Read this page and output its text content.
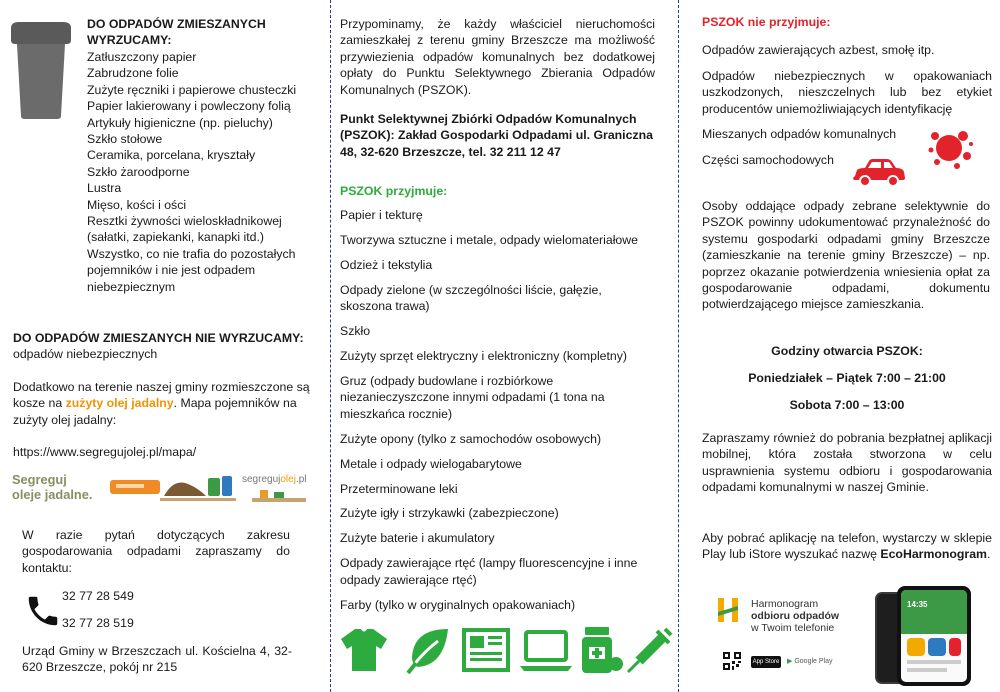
DO ODPADÓW ZMIESZANYCH WYRZUCAMY:
Zatłuszczony papier
Zabrudzone folie
Zużyte ręczniki i papierowe chusteczki
Papier lakierowany i powleczony folią
Artykuły higieniczne (np. pieluchy)
Szkło stołowe
Ceramika, porcelana, kryształy
Szkło żaroodporne
Lustra
Mięso, kości i ości
Resztki żywności wieloskładnikowej (sałatki, zapiekanki, kanapki itd.)
Wszystko, co nie trafia do pozostałych pojemników i nie jest odpadem niebezpiecznym
DO ODPADÓW ZMIESZANYCH NIE WYRZUCAMY:
odpadów niebezpiecznych

Dodatkowo na terenie naszej gminy rozmieszczone są kosze na zużyty olej jadalny. Mapa pojemników na zużyty olej jadalny:

https://www.segregujolej.pl/mapa/
Segreguj
oleje jadalne.
segregujolej.pl

W razie pytań dotyczących zakresu gospodarowania odpadami zapraszamy do kontaktu:

32 77 28 549
32 77 28 519

Urząd Gminy w Brzeszczach ul. Kościelna 4, 32-620 Brzeszcze, pokój nr 215

Przypominamy, że każdy właściciel nieruchomości zamieszkałej z terenu gminy Brzeszcze ma możliwość przywiezienia odpadów komunalnych bez dodatkowej opłaty do Punktu Selektywnego Zbierania Odpadów Komunalnych (PSZOK).

Punkt Selektywnej Zbiórki Odpadów Komunalnych (PSZOK): Zakład Gospodarki Odpadami ul. Graniczna 48, 32-620 Brzeszcze, tel. 32 211 12 47

PSZOK przyjmuje:
Papier i tekturę
Tworzywa sztuczne i metale, odpady wielomateriałowe
Odzież i tekstylia
Odpady zielone (w szczególności liście, gałęzie, skoszona trawa)
Szkło
Zużyty sprzęt elektryczny i elektroniczny (kompletny)
Gruz (odpady budowlane i rozbiórkowe niezanieczyszczone innymi odpadami (1 tona na mieszkańca rocznie)
Zużyte opony (tylko z samochodów osobowych)
Metale i odpady wielogabarytowe
Przeterminowane leki
Zużyte igły i strzykawki (zabezpieczone)
Zużyte baterie i akumulatory
Odpady zawierające rtęć (lampy fluorescencyjne i inne odpady zawierające rtęć)
Farby (tylko w oryginalnych opakowaniach)
PSZOK nie przyjmuje:
Odpadów zawierających azbest, smołę itp.

Odpadów niebezpiecznych w opakowaniach uszkodzonych, nieszczelnych lub bez etykiet producentów uniemożliwiających identyfikację

Mieszanych odpadów komunalnych
Części samochodowych

Osoby oddające odpady zebrane selektywnie do PSZOK powinny udokumentować przynależność do systemu gospodarki odpadami gminy Brzeszcze (zamieszkanie na terenie gminy Brzeszcze) – np. poprzez okazanie potwierdzenia wniesienia opłat za gospodarowanie odpadami, dokumentu potwierdzającego miejsce zamieszkania.

Godziny otwarcia PSZOK:
Poniedziałek – Piątek 7:00 – 21:00
Sobota 7:00 – 13:00

Zapraszamy również do pobrania bezpłatnej aplikacji mobilnej, która została stworzona w celu usprawnienia systemu odbioru i gospodarowania odpadami komunalnymi w naszej Gminie.

Aby pobrać aplikację na telefon, wystarczy w sklepie Play lub iStore wyszukać nazwę EcoHarmonogram.

Harmonogram
odbioru odpadów
w Twoim telefonie
App Store ▶ Google Play
14:35
